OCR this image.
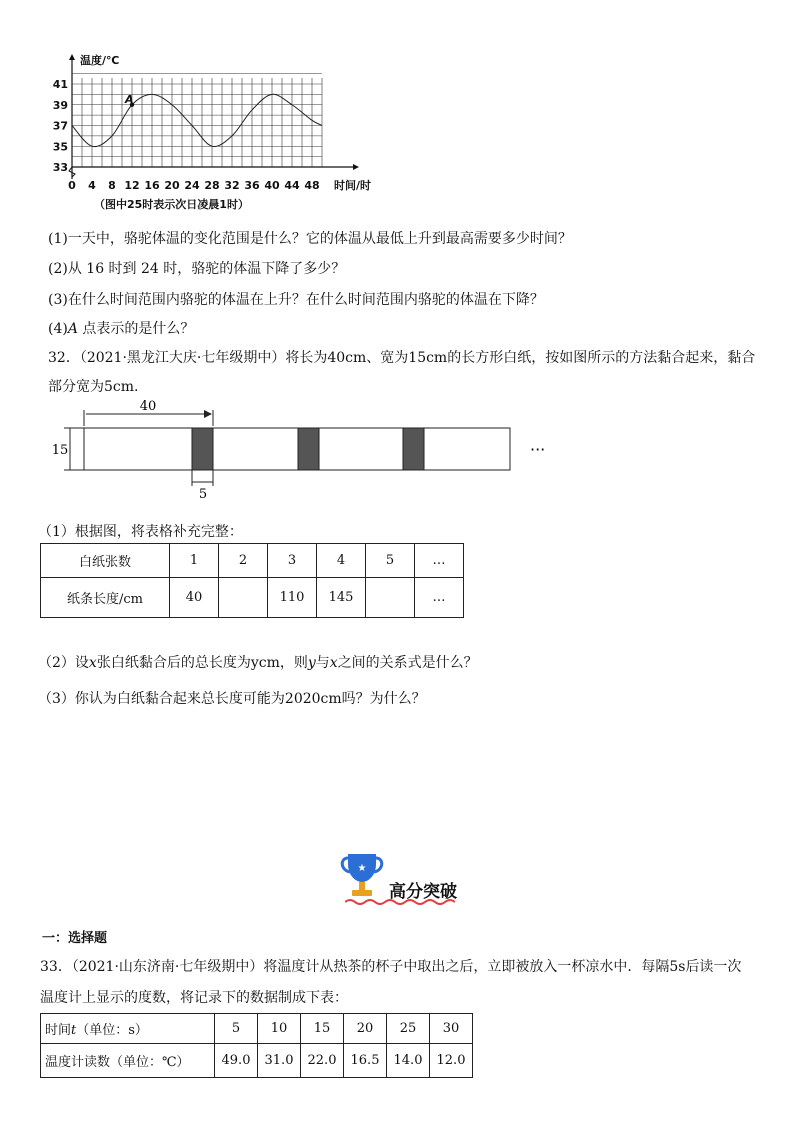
0 4 8 12 16 20 24 28 32 36 40 44 48
41
39
37
35
33
温度/℃
时间/时
A
（图中25时表示次日凌晨1时）
(1)一天中，骆驼体温的变化范围是什么？它的体温从最低上升到最高需要多少时间？
(2)从 16 时到 24 时，骆驼的体温下降了多少？
(3)在什么时间范围内骆驼的体温在上升？在什么时间范围内骆驼的体温在下降？
(4)A 点表示的是什么？
32．（2021·黑龙江大庆·七年级期中）将长为40cm、宽为15cm的长方形白纸，按如图所示的方法黏合起来，黏合
部分宽为5cm.
40
15
5
···
（1）根据图，将表格补充完整：
白纸张数	1	2	3	4	5	…
纸条长度/cm	40		110	145		…
（2）设x张白纸黏合后的总长度为ycm，则y与x之间的关系式是什么？
（3）你认为白纸黏合起来总长度可能为2020cm吗？为什么？
★
高分突破
一：选择题
33．（2021·山东济南·七年级期中）将温度计从热茶的杯子中取出之后，立即被放入一杯凉水中．每隔5s后读一次
温度计上显示的度数，将记录下的数据制成下表：
时间t（单位：s）	5	10	15	20	25	30
温度计读数（单位：℃）	49.0	31.0	22.0	16.5	14.0	12.0
